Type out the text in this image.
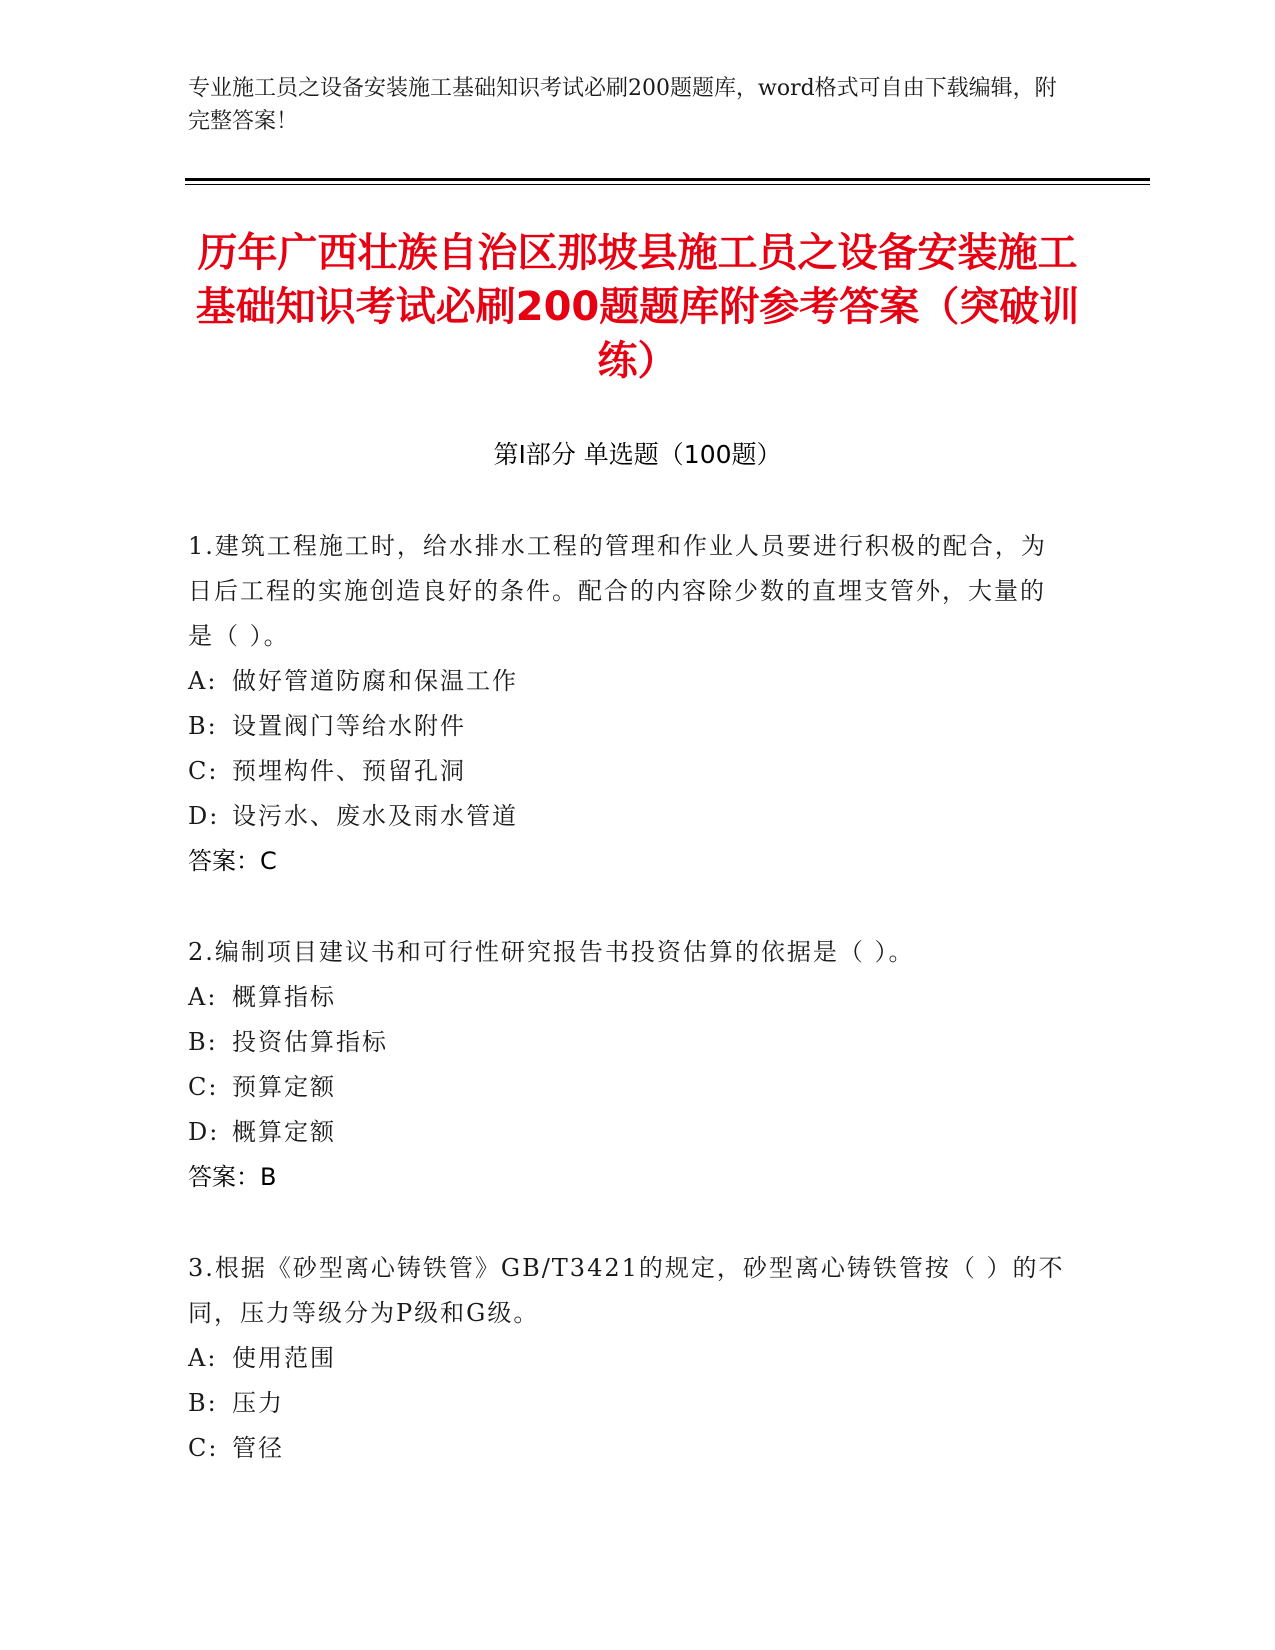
专业施工员之设备安装施工基础知识考试必刷200题题库，word格式可自由下载编辑，附完整答案！
历年广西壮族自治区那坡县施工员之设备安装施工基础知识考试必刷200题题库附参考答案（突破训练）
第I部分 单选题（100题）
1.建筑工程施工时，给水排水工程的管理和作业人员要进行积极的配合，为日后工程的实施创造良好的条件。配合的内容除少数的直埋支管外，大量的是（ ）。
A: 做好管道防腐和保温工作
B: 设置阀门等给水附件
C: 预埋构件、预留孔洞
D: 设污水、废水及雨水管道
答案：C
2.编制项目建议书和可行性研究报告书投资估算的依据是（ ）。
A: 概算指标
B: 投资估算指标
C: 预算定额
D: 概算定额
答案：B
3.根据《砂型离心铸铁管》GB/T3421的规定，砂型离心铸铁管按（ ）的不同，压力等级分为P级和G级。
A: 使用范围
B: 压力
C: 管径
